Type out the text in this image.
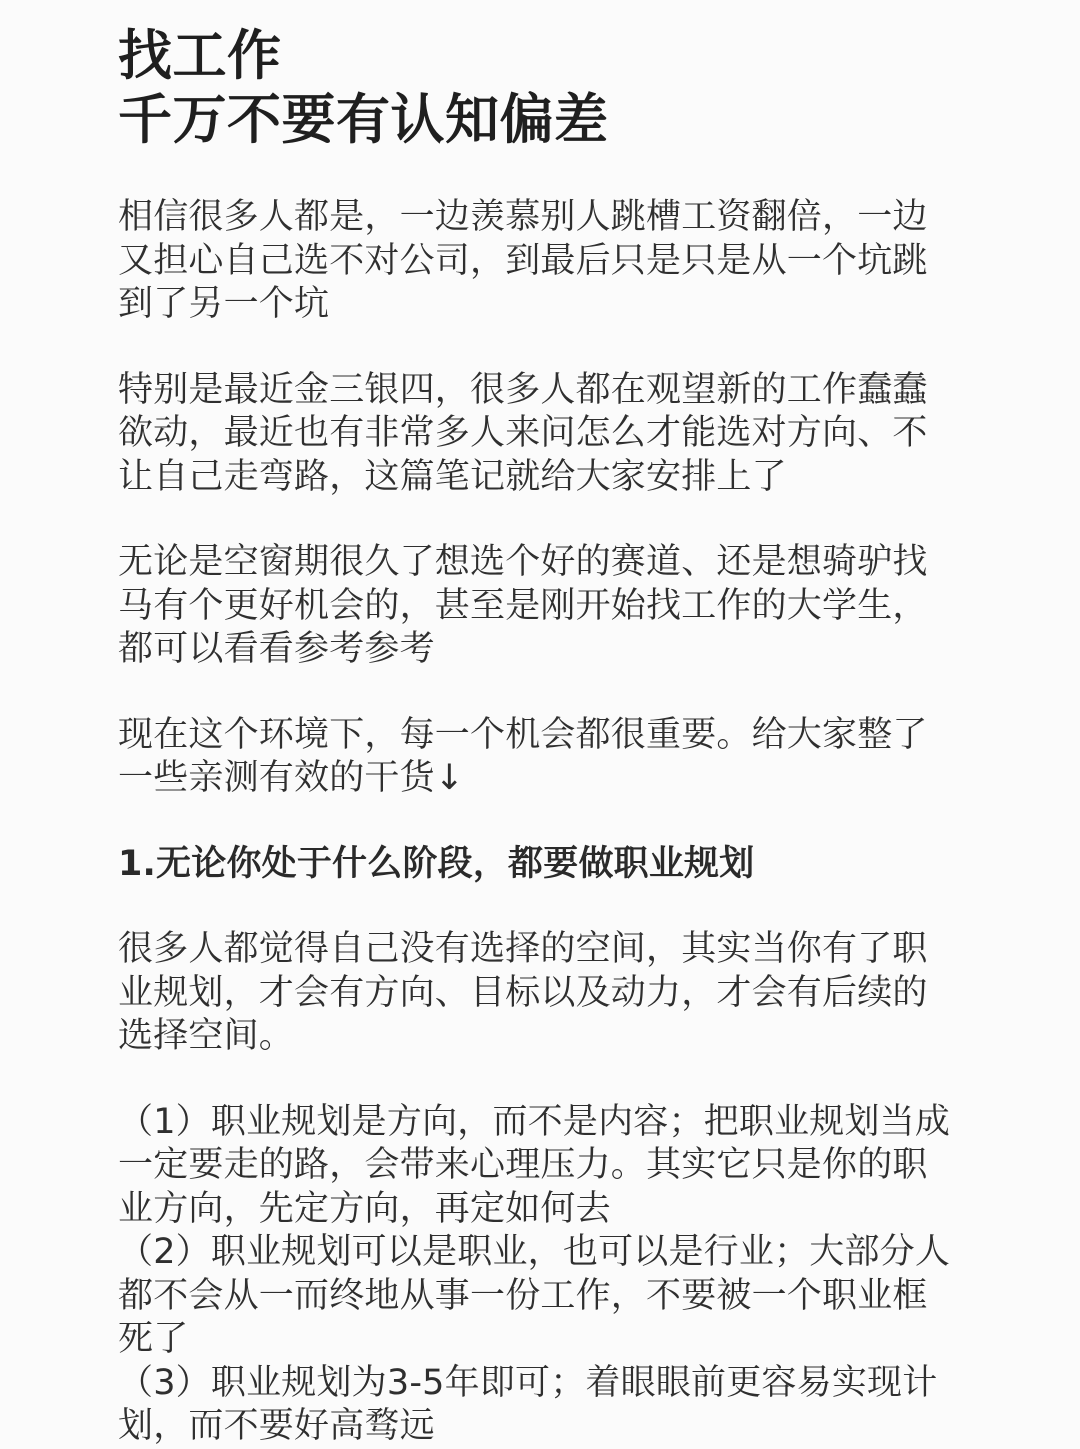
找工作
千万不要有认知偏差

相信很多人都是，一边羡慕别人跳槽工资翻倍，一边又担心自己选不对公司，到最后只是只是从一个坑跳到了另一个坑

特别是最近金三银四，很多人都在观望新的工作蠢蠢欲动，最近也有非常多人来问怎么才能选对方向、不让自己走弯路，这篇笔记就给大家安排上了

无论是空窗期很久了想选个好的赛道、还是想骑驴找马有个更好机会的，甚至是刚开始找工作的大学生，都可以看看参考参考

现在这个环境下，每一个机会都很重要。给大家整了一些亲测有效的干货↓

1.无论你处于什么阶段，都要做职业规划

很多人都觉得自己没有选择的空间，其实当你有了职业规划，才会有方向、目标以及动力，才会有后续的选择空间。

（1）职业规划是方向，而不是内容；把职业规划当成一定要走的路，会带来心理压力。其实它只是你的职业方向，先定方向，再定如何去

（2）职业规划可以是职业，也可以是行业；大部分人都不会从一而终地从事一份工作，不要被一个职业框死了

（3）职业规划为3-5年即可；着眼眼前更容易实现计划，而不要好高骛远
